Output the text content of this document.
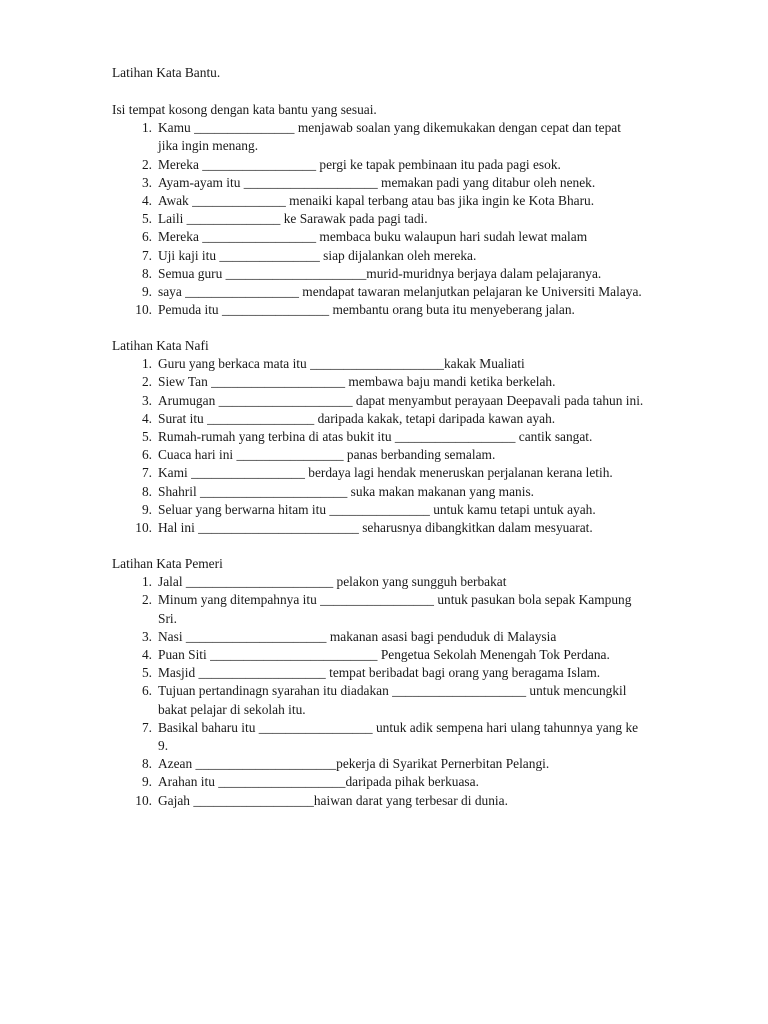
Latihan Kata Bantu.

Isi tempat kosong dengan kata bantu yang sesuai.

1 . Kamu _______________ menjawab soalan yang dikemukakan dengan cepat dan tepat
jika ingin menang.
2 . Mereka _________________ pergi ke tapak pembinaan itu pada pagi esok.
3 . Ayam-ayam itu ____________________ memakan padi yang ditabur oleh nenek.
4 . Awak ______________ menaiki kapal terbang atau bas jika ingin ke Kota Bharu.
5 . Laili ______________ ke Sarawak pada pagi tadi.
6 . Mereka _________________ membaca buku walaupun hari sudah lewat malam
7 . Uji kaji itu _______________ siap dijalankan oleh mereka.
8 . Semua guru _____________________murid-muridnya berjaya dalam pelajaranya.
9 . saya _________________ mendapat tawaran melanjutkan pelajaran ke Universiti Malaya.
10 . Pemuda itu ________________ membantu orang buta itu menyeberang jalan.

Latihan Kata Nafi

1 . Guru yang berkaca mata itu ____________________kakak Mualiati
2 . Siew Tan ____________________ membawa baju mandi ketika berkelah.
3 . Arumugan ____________________ dapat menyambut perayaan Deepavali pada tahun ini.
4 . Surat itu ________________ daripada kakak, tetapi daripada kawan ayah.
5 . Rumah-rumah yang terbina di atas bukit itu __________________ cantik sangat.
6 . Cuaca hari ini ________________ panas berbanding semalam.
7 . Kami _________________ berdaya lagi hendak meneruskan perjalanan kerana letih.
8 . Shahril ______________________ suka makan makanan yang manis.
9 . Seluar yang berwarna hitam itu _______________ untuk kamu tetapi untuk ayah.
10 . Hal ini ________________________ seharusnya dibangkitkan dalam mesyuarat.

Latihan Kata Pemeri

1 . Jalal ______________________ pelakon yang sungguh berbakat
2 . Minum yang ditempahnya itu _________________ untuk pasukan bola sepak Kampung
Sri.
3 . Nasi _____________________ makanan asasi bagi penduduk di Malaysia
4 . Puan Siti _________________________ Pengetua Sekolah Menengah Tok Perdana.
5 . Masjid ___________________ tempat beribadat bagi orang yang beragama Islam.
6 . Tujuan pertandinagn syarahan itu diadakan ____________________ untuk mencungkil
bakat pelajar di sekolah itu.
7 . Basikal baharu itu _________________ untuk adik sempena hari ulang tahunnya yang ke
9.
8 . Azean _____________________pekerja di Syarikat Pernerbitan Pelangi.
9 . Arahan itu ___________________daripada pihak berkuasa.
10 . Gajah __________________haiwan darat yang terbesar di dunia.
